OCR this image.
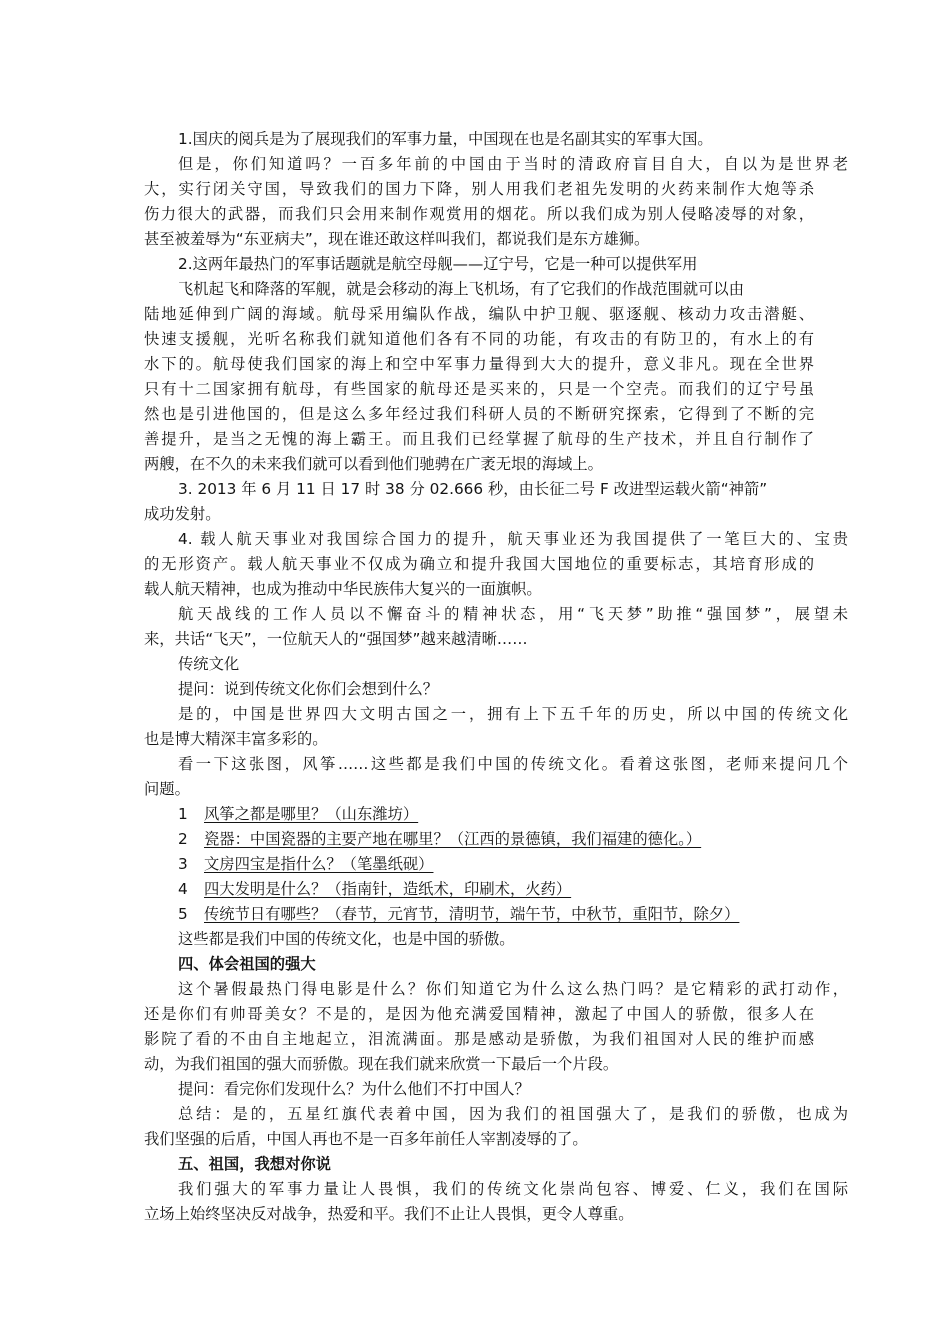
1.国庆的阅兵是为了展现我们的军事力量，中国现在也是名副其实的军事大国。
但是，你们知道吗？一百多年前的中国由于当时的清政府盲目自大，自以为是世界老
大，实行闭关守国，导致我们的国力下降，别人用我们老祖先发明的火药来制作大炮等杀
伤力很大的武器，而我们只会用来制作观赏用的烟花。所以我们成为别人侵略凌辱的对象，
甚至被羞辱为“东亚病夫”，现在谁还敢这样叫我们，都说我们是东方雄狮。
2.这两年最热门的军事话题就是航空母舰——辽宁号，它是一种可以提供军用
飞机起飞和降落的军舰，就是会移动的海上飞机场，有了它我们的作战范围就可以由
陆地延伸到广阔的海域。航母采用编队作战，编队中护卫舰、驱逐舰、核动力攻击潜艇、
快速支援舰，光听名称我们就知道他们各有不同的功能，有攻击的有防卫的，有水上的有
水下的。航母使我们国家的海上和空中军事力量得到大大的提升，意义非凡。现在全世界
只有十二国家拥有航母，有些国家的航母还是买来的，只是一个空壳。而我们的辽宁号虽
然也是引进他国的，但是这么多年经过我们科研人员的不断研究探索，它得到了不断的完
善提升，是当之无愧的海上霸王。而且我们已经掌握了航母的生产技术，并且自行制作了
两艘，在不久的未来我们就可以看到他们驰骋在广袤无垠的海域上。
3. 2013 年 6 月 11 日 17 时 38 分 02.666 秒，由长征二号 F 改进型运载火箭“神箭”
成功发射。
4. 载人航天事业对我国综合国力的提升，航天事业还为我国提供了一笔巨大的、宝贵
的无形资产。载人航天事业不仅成为确立和提升我国大国地位的重要标志，其培育形成的
载人航天精神，也成为推动中华民族伟大复兴的一面旗帜。
航天战线的工作人员以不懈奋斗的精神状态，用“飞天梦”助推“强国梦”，展望未
来，共话“飞天”，一位航天人的“强国梦”越来越清晰……
传统文化
提问：说到传统文化你们会想到什么？
是的，中国是世界四大文明古国之一，拥有上下五千年的历史，所以中国的传统文化
也是博大精深丰富多彩的。
看一下这张图，风筝……这些都是我们中国的传统文化。看着这张图，老师来提问几个
问题。
1 风筝之都是哪里？（山东潍坊）
2 瓷器：中国瓷器的主要产地在哪里？（江西的景德镇，我们福建的德化。）
3 文房四宝是指什么？（笔墨纸砚）
4 四大发明是什么？（指南针，造纸术，印刷术，火药）
5 传统节日有哪些？（春节，元宵节，清明节，端午节，中秋节，重阳节，除夕）
这些都是我们中国的传统文化，也是中国的骄傲。
四、体会祖国的强大
这个暑假最热门得电影是什么？你们知道它为什么这么热门吗？是它精彩的武打动作，
还是你们有帅哥美女？不是的，是因为他充满爱国精神，激起了中国人的骄傲，很多人在
影院了看的不由自主地起立，泪流满面。那是感动是骄傲，为我们祖国对人民的维护而感
动，为我们祖国的强大而骄傲。现在我们就来欣赏一下最后一个片段。
提问：看完你们发现什么？为什么他们不打中国人？
总结：是的，五星红旗代表着中国，因为我们的祖国强大了，是我们的骄傲，也成为
我们坚强的后盾，中国人再也不是一百多年前任人宰割凌辱的了。
五、祖国，我想对你说
我们强大的军事力量让人畏惧，我们的传统文化崇尚包容、博爱、仁义，我们在国际
立场上始终坚决反对战争，热爱和平。我们不止让人畏惧，更令人尊重。
